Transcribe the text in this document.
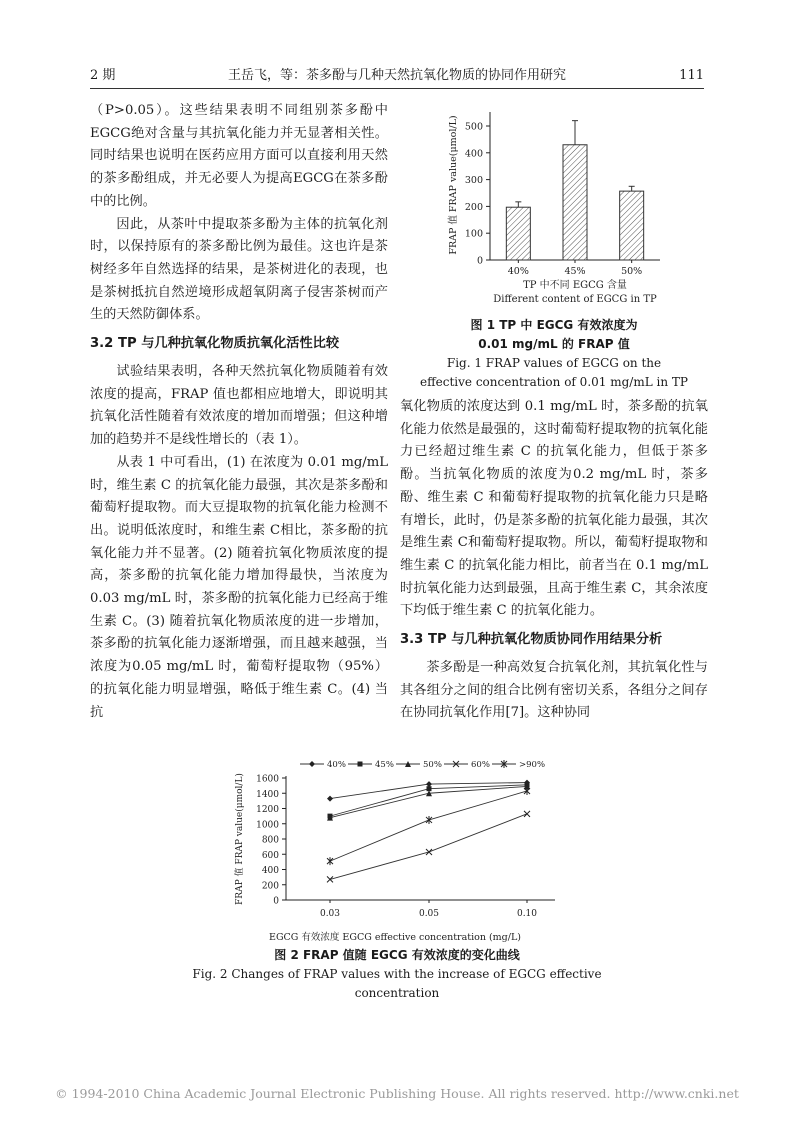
2 期	王岳飞，等：茶多酚与几种天然抗氧化物质的协同作用研究	111

（P>0.05）。这些结果表明不同组别茶多酚中EGCG绝对含量与其抗氧化能力并无显著相关性。同时结果也说明在医药应用方面可以直接利用天然的茶多酚组成，并无必要人为提高EGCG在茶多酚中的比例。

因此，从茶叶中提取茶多酚为主体的抗氧化剂时，以保持原有的茶多酚比例为最佳。这也许是茶树经多年自然选择的结果，是茶树进化的表现，也是茶树抵抗自然逆境形成超氧阴离子侵害茶树而产生的天然防御体系。

3.2 TP 与几种抗氧化物质抗氧化活性比较

试验结果表明，各种天然抗氧化物质随着有效浓度的提高，FRAP 值也都相应地增大，即说明其抗氧化活性随着有效浓度的增加而增强；但这种增加的趋势并不是线性增长的（表 1）。

从表 1 中可看出，(1) 在浓度为 0.01 mg/mL时，维生素 C 的抗氧化能力最强，其次是茶多酚和葡萄籽提取物。而大豆提取物的抗氧化能力检测不出。说明低浓度时，和维生素 C相比，茶多酚的抗氧化能力并不显著。(2) 随着抗氧化物质浓度的提高，茶多酚的抗氧化能力增加得最快，当浓度为 0.03 mg/mL 时，茶多酚的抗氧化能力已经高于维生素 C。(3) 随着抗氧化物质浓度的进一步增加，茶多酚的抗氧化能力逐渐增强，而且越来越强，当浓度为0.05 mg/mL 时，葡萄籽提取物（95%）的抗氧化能力明显增强，略低于维生素 C。(4) 当抗

0
100
200
300
400
500
40%	45%	50%
TP 中不同 EGCG 含量
Different content of EGCG in TP
FRAP 值 FRAP value(μmol/L)
图 1 TP 中 EGCG 有效浓度为
0.01 mg/mL 的 FRAP 值
Fig. 1 FRAP values of EGCG on the
effective concentration of 0.01 mg/mL in TP

氧化物质的浓度达到 0.1 mg/mL 时，茶多酚的抗氧化能力依然是最强的，这时葡萄籽提取物的抗氧化能力已经超过维生素 C 的抗氧化能力，但低于茶多酚。当抗氧化物质的浓度为0.2 mg/mL 时，茶多酚、维生素 C 和葡萄籽提取物的抗氧化能力只是略有增长，此时，仍是茶多酚的抗氧化能力最强，其次是维生素 C和葡萄籽提取物。所以，葡萄籽提取物和维生素 C 的抗氧化能力相比，前者当在 0.1 mg/mL时抗氧化能力达到最强，且高于维生素 C，其余浓度下均低于维生素 C 的抗氧化能力。

3.3 TP 与几种抗氧化物质协同作用结果分析

茶多酚是一种高效复合抗氧化剂，其抗氧化性与其各组分之间的组合比例有密切关系，各组分之间存在协同抗氧化作用[7]。这种协同

0
200
400
600
800
1000
1200
1400
1600
0.03	0.05	0.10
40%	45%	50%	60%	>90%
FRAP 值 FRAP value(μmol/L)
EGCG 有效浓度 EGCG effective concentration (mg/L)
图 2 FRAP 值随 EGCG 有效浓度的变化曲线
Fig. 2 Changes of FRAP values with the increase of EGCG effective concentration
© 1994-2010 China Academic Journal Electronic Publishing House. All rights reserved. http://www.cnki.net
